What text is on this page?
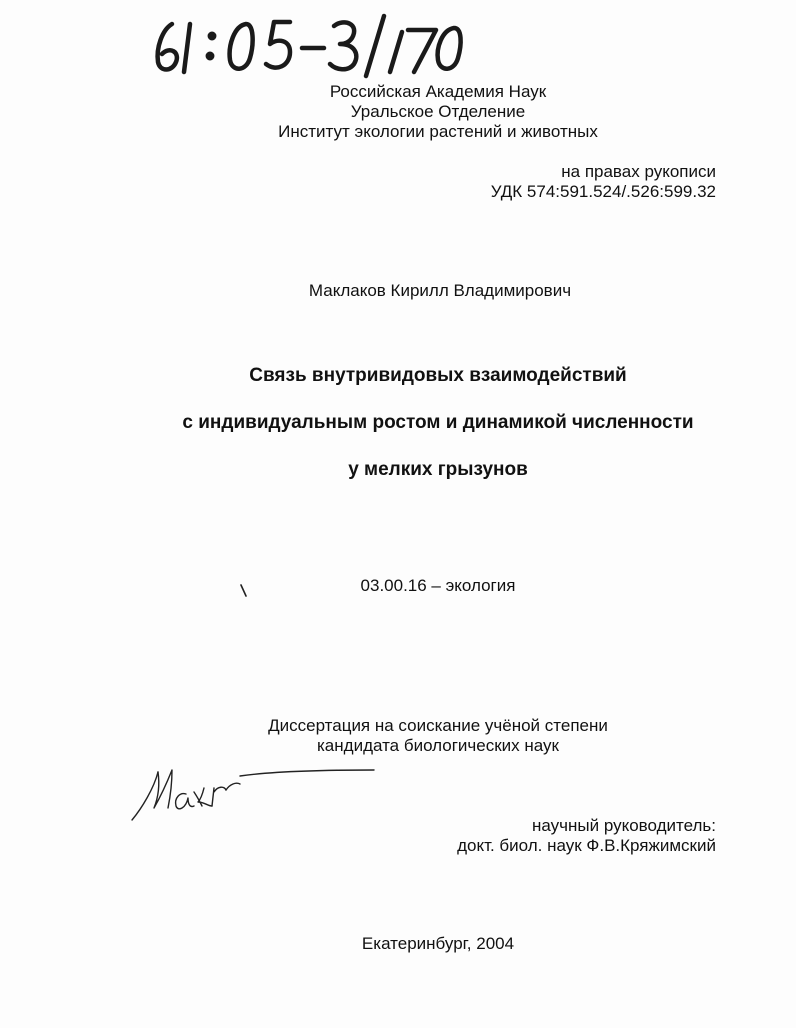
Российская Академия Наук
Уральское Отделение
Институт экологии растений и животных
на правах рукописи
УДК 574:591.524/.526:599.32
Маклаков Кирилл Владимирович
Связь внутривидовых взаимодействий
с индивидуальным ростом и динамикой численности
у мелких грызунов
03.00.16 – экология
Диссертация на соискание учёной степени
кандидата биологических наук
научный руководитель:
докт. биол. наук Ф.В.Кряжимский
Екатеринбург, 2004
